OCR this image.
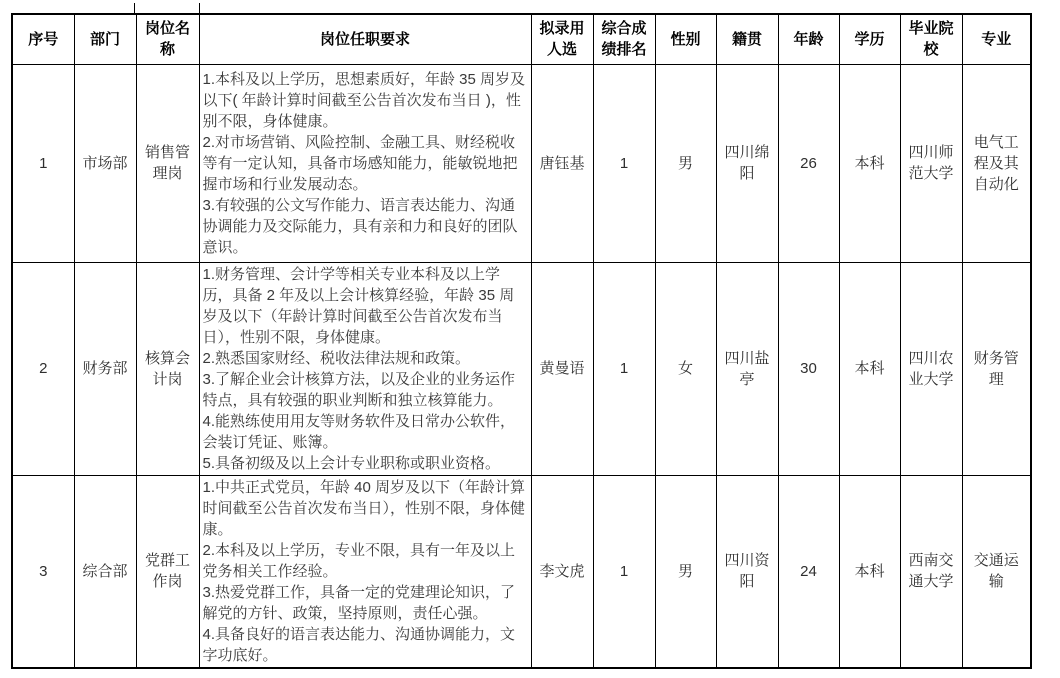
序号	部门	岗位名称	岗位任职要求	拟录用人选	综合成绩排名	性别	籍贯	年龄	学历	毕业院校	专业
1	市场部	销售管理岗	1.本科及以上学历，思想素质好，年龄 35 周岁及以下( 年龄计算时间截至公告首次发布当日 )，性别不限，身体健康。
2.对市场营销、风险控制、金融工具、财经税收等有一定认知，具备市场感知能力，能敏锐地把握市场和行业发展动态。
3.有较强的公文写作能力、语言表达能力、沟通协调能力及交际能力，具有亲和力和良好的团队意识。	唐钰基	1	男	四川绵阳	26	本科	四川师范大学	电气工程及其自动化
2	财务部	核算会计岗	1.财务管理、会计学等相关专业本科及以上学历，具备 2 年及以上会计核算经验，年龄 35 周岁及以下（年龄计算时间截至公告首次发布当日），性别不限，身体健康。
2.熟悉国家财经、税收法律法规和政策。
3.了解企业会计核算方法，以及企业的业务运作特点，具有较强的职业判断和独立核算能力。
4.能熟练使用用友等财务软件及日常办公软件，会装订凭证、账簿。
5.具备初级及以上会计专业职称或职业资格。	黄曼语	1	女	四川盐亭	30	本科	四川农业大学	财务管理
3	综合部	党群工作岗	1.中共正式党员，年龄 40 周岁及以下（年龄计算时间截至公告首次发布当日），性别不限，身体健康。
2.本科及以上学历，专业不限，具有一年及以上党务相关工作经验。
3.热爱党群工作，具备一定的党建理论知识，了解党的方针、政策，坚持原则，责任心强。
4.具备良好的语言表达能力、沟通协调能力，文字功底好。	李文虎	1	男	四川资阳	24	本科	西南交通大学	交通运输
